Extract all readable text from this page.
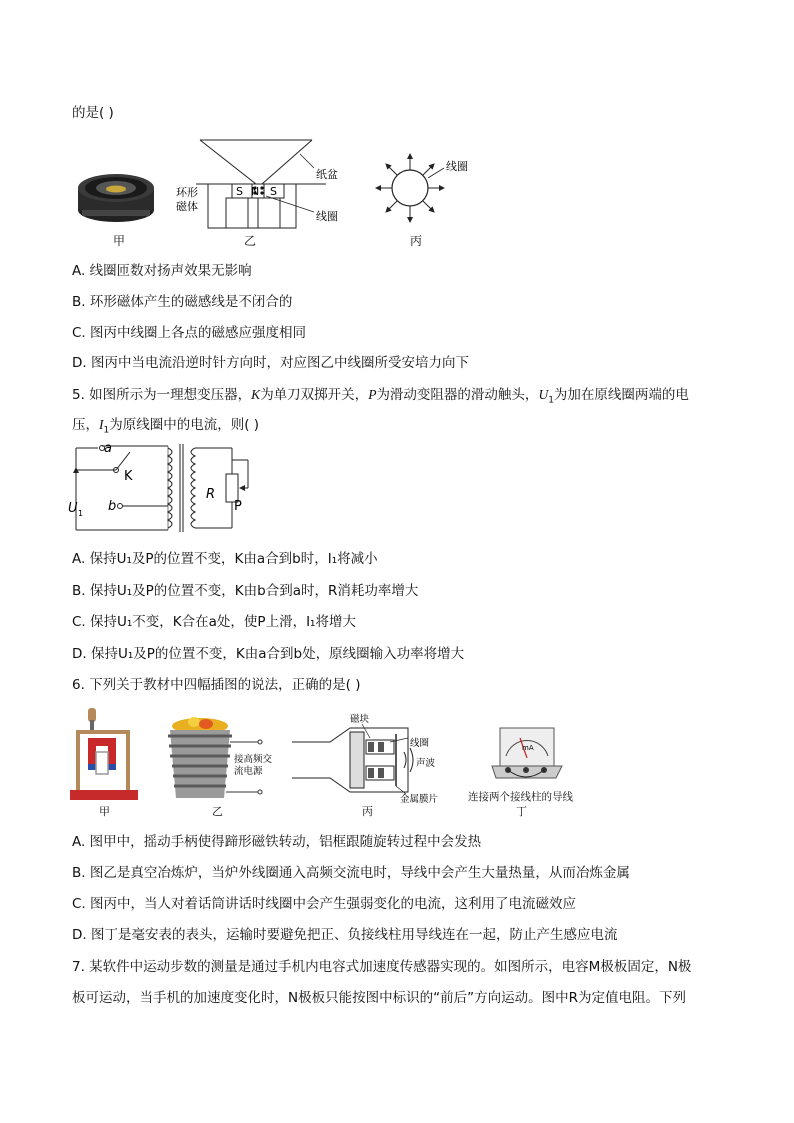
的是( )
甲
S N S
纸盆
环形
磁体
线圈
乙
线圈
丙
A. 线圈匝数对扬声效果无影响
B. 环形磁体产生的磁感线是不闭合的
C. 图丙中线圈上各点的磁感应强度相同
D. 图丙中当电流沿逆时针方向时，对应图乙中线圈所受安培力向下
5. 如图所示为一理想变压器，K为单刀双掷开关，P为滑动变阻器的滑动触头，$U_1$为加在原线圈两端的电
压，$I_1$为原线圈中的电流，则( )
a
K
b
R
P
U 1
A. 保持U₁及P的位置不变，K由a合到b时，I₁将减小
B. 保持U₁及P的位置不变，K由b合到a时，R消耗功率增大
C. 保持U₁不变，K合在a处，使P上滑，I₁将增大
D. 保持U₁及P的位置不变，K由a合到b处，原线圈输入功率将增大
6. 下列关于教材中四幅插图的说法，正确的是( )
甲
接高频交
流电源
乙
磁块
线圈
声波
金属膜片
丙
mA
连接两个接线柱的导线
丁
A. 图甲中，摇动手柄使得蹄形磁铁转动，铝框跟随旋转过程中会发热
B. 图乙是真空冶炼炉，当炉外线圈通入高频交流电时，导线中会产生大量热量，从而冶炼金属
C. 图丙中，当人对着话筒讲话时线圈中会产生强弱变化的电流，这利用了电流磁效应
D. 图丁是毫安表的表头，运输时要避免把正、负接线柱用导线连在一起，防止产生感应电流
7. 某软件中运动步数的测量是通过手机内电容式加速度传感器实现的。如图所示，电容M极板固定，N极
板可运动，当手机的加速度变化时，N极板只能按图中标识的“前后”方向运动。图中R为定值电阻。下列
